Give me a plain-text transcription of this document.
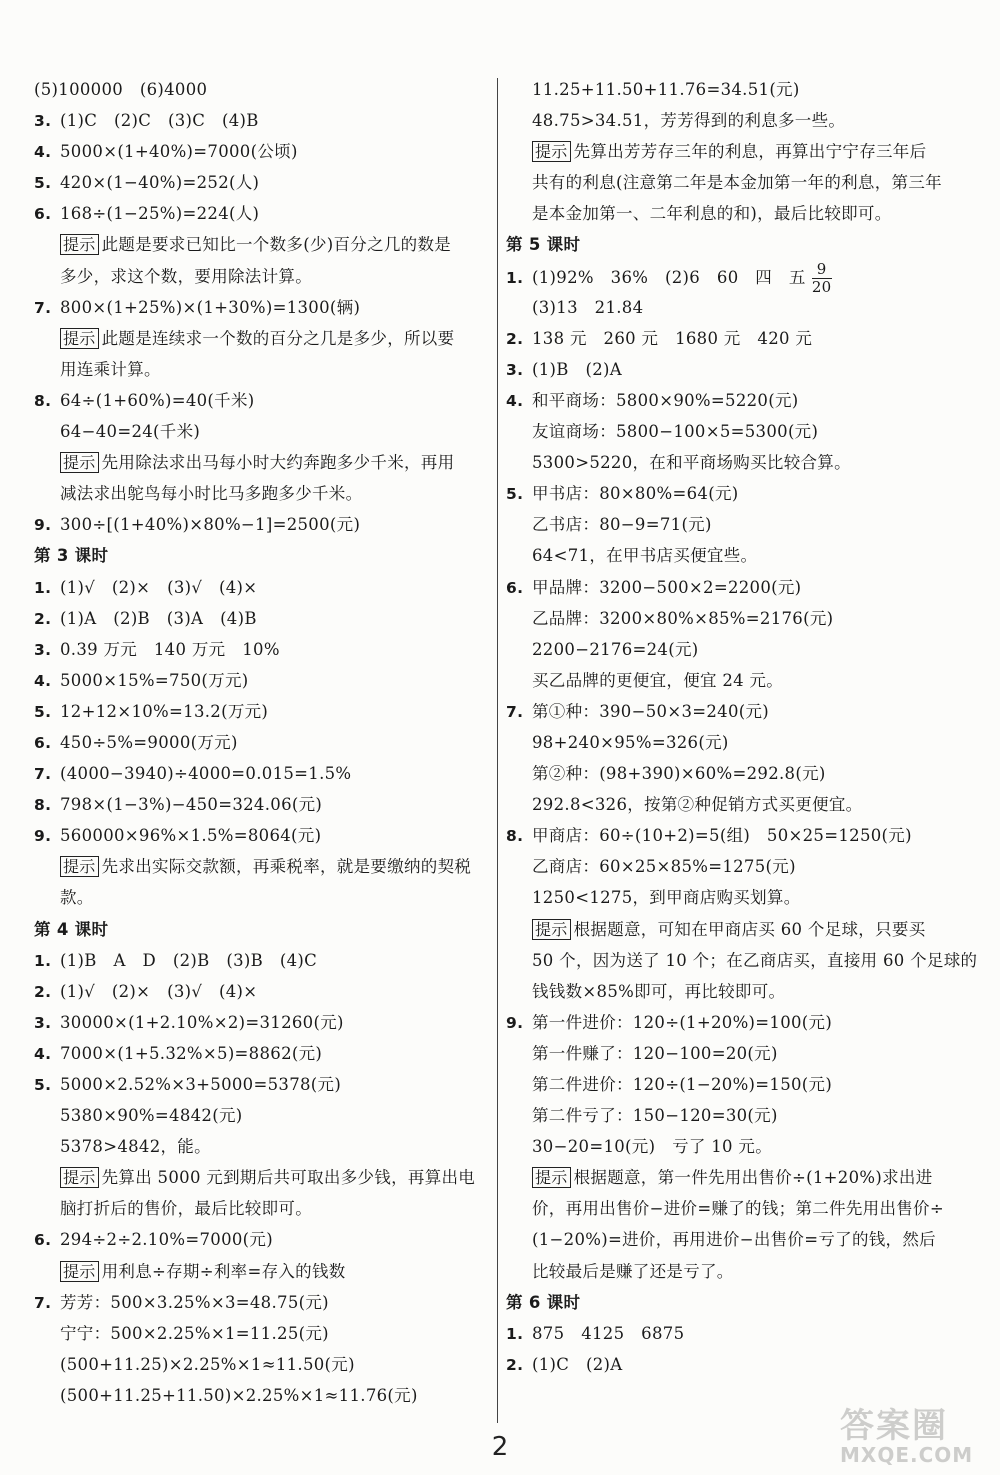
(5)100000　(6)4000
3. (1)C　(2)C　(3)C　(4)B
4. 5000×(1+40%)=7000(公顷)
5. 420×(1−40%)=252(人)
6. 168÷(1−25%)=224(人)
提示 此题是要求已知比一个数多(少)百分之几的数是
多少，求这个数，要用除法计算。
7. 800×(1+25%)×(1+30%)=1300(辆)
提示 此题是连续求一个数的百分之几是多少，所以要
用连乘计算。
8. 64÷(1+60%)=40(千米)
64−40=24(千米)
提示 先用除法求出马每小时大约奔跑多少千米，再用
减法求出鸵鸟每小时比马多跑多少千米。
9. 300÷[(1+40%)×80%−1]=2500(元)
第 3 课时
1. (1)√　(2)×　(3)√　(4)×
2. (1)A　(2)B　(3)A　(4)B
3. 0.39 万元　140 万元　10%
4. 5000×15%=750(万元)
5. 12+12×10%=13.2(万元)
6. 450÷5%=9000(万元)
7. (4000−3940)÷4000=0.015=1.5%
8. 798×(1−3%)−450=324.06(元)
9. 560000×96%×1.5%=8064(元)
提示 先求出实际交款额，再乘税率，就是要缴纳的契税
款。
第 4 课时
1. (1)B　A　D　(2)B　(3)B　(4)C
2. (1)√　(2)×　(3)√　(4)×
3. 30000×(1+2.10%×2)=31260(元)
4. 7000×(1+5.32%×5)=8862(元)
5. 5000×2.52%×3+5000=5378(元)
5380×90%=4842(元)
5378>4842，能。
提示 先算出 5000 元到期后共可取出多少钱，再算出电
脑打折后的售价，最后比较即可。
6. 294÷2÷2.10%=7000(元)
提示 用利息÷存期÷利率=存入的钱数
7. 芳芳：500×3.25%×3=48.75(元)
宁宁：500×2.25%×1=11.25(元)
(500+11.25)×2.25%×1≈11.50(元)
(500+11.25+11.50)×2.25%×1≈11.76(元)
11.25+11.50+11.76=34.51(元)
48.75>34.51，芳芳得到的利息多一些。
提示 先算出芳芳存三年的利息，再算出宁宁存三年后
共有的利息(注意第二年是本金加第一年的利息，第三年
是本金加第一、二年利息的和)，最后比较即可。
第 5 课时
1. (1)92%　36%　(2)6　60　四　五 $\frac{9}{20}$
(3)13　21.84
2. 138 元　260 元　1680 元　420 元
3. (1)B　(2)A
4. 和平商场：5800×90%=5220(元)
友谊商场：5800−100×5=5300(元)
5300>5220，在和平商场购买比较合算。
5. 甲书店：80×80%=64(元)
乙书店：80−9=71(元)
64<71，在甲书店买便宜些。
6. 甲品牌：3200−500×2=2200(元)
乙品牌：3200×80%×85%=2176(元)
2200−2176=24(元)
买乙品牌的更便宜，便宜 24 元。
7. 第①种：390−50×3=240(元)
98+240×95%=326(元)
第②种：(98+390)×60%=292.8(元)
292.8<326，按第②种促销方式买更便宜。
8. 甲商店：60÷(10+2)=5(组)　50×25=1250(元)
乙商店：60×25×85%=1275(元)
1250<1275，到甲商店购买划算。
提示 根据题意，可知在甲商店买 60 个足球，只要买
50 个，因为送了 10 个；在乙商店买，直接用 60 个足球的
钱钱数×85%即可，再比较即可。
9. 第一件进价：120÷(1+20%)=100(元)
第一件赚了：120−100=20(元)
第二件进价：120÷(1−20%)=150(元)
第二件亏了：150−120=30(元)
30−20=10(元)　亏了 10 元。
提示 根据题意，第一件先用出售价÷(1+20%)求出进
价，再用出售价−进价=赚了的钱；第二件先用出售价÷
(1−20%)=进价，再用进价−出售价=亏了的钱，然后
比较最后是赚了还是亏了。
第 6 课时
1. 875　4125　6875
2. (1)C　(2)A
2
答案圈
MXQE.COM
